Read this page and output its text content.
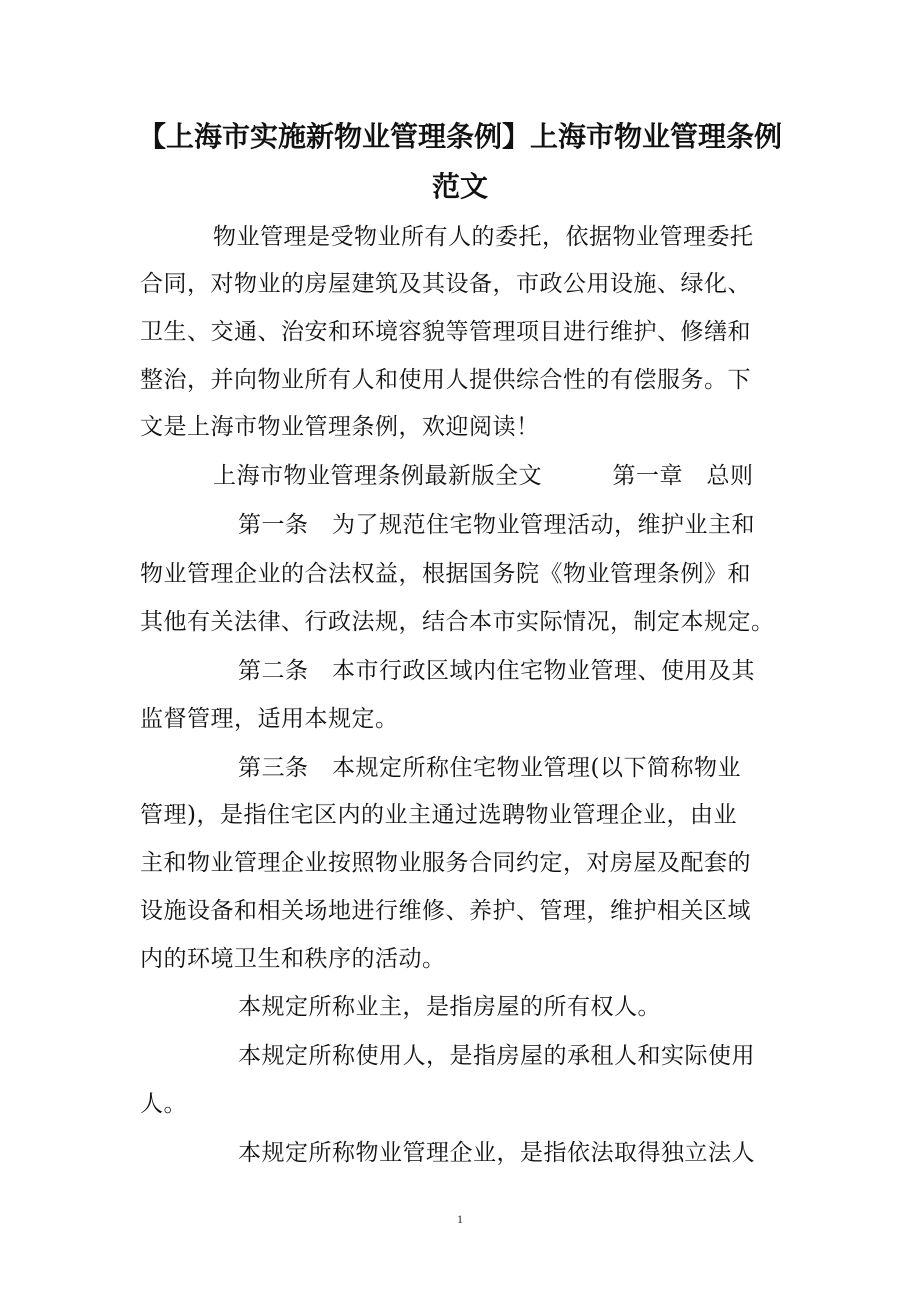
【上海市实施新物业管理条例】上海市物业管理条例
范文
物业管理是受物业所有人的委托，依据物业管理委托
合同，对物业的房屋建筑及其设备，市政公用设施、绿化、
卫生、交通、治安和环境容貌等管理项目进行维护、修缮和
整治，并向物业所有人和使用人提供综合性的有偿服务。下
文是上海市物业管理条例，欢迎阅读！
上海市物业管理条例最新版全文　　　第一章　总则
第一条　为了规范住宅物业管理活动，维护业主和
物业管理企业的合法权益，根据国务院《物业管理条例》和
其他有关法律、行政法规，结合本市实际情况，制定本规定。
第二条　本市行政区域内住宅物业管理、使用及其
监督管理，适用本规定。
第三条　本规定所称住宅物业管理(以下简称物业
管理)，是指住宅区内的业主通过选聘物业管理企业，由业
主和物业管理企业按照物业服务合同约定，对房屋及配套的
设施设备和相关场地进行维修、养护、管理，维护相关区域
内的环境卫生和秩序的活动。
本规定所称业主，是指房屋的所有权人。
本规定所称使用人，是指房屋的承租人和实际使用
人。
本规定所称物业管理企业，是指依法取得独立法人
1
